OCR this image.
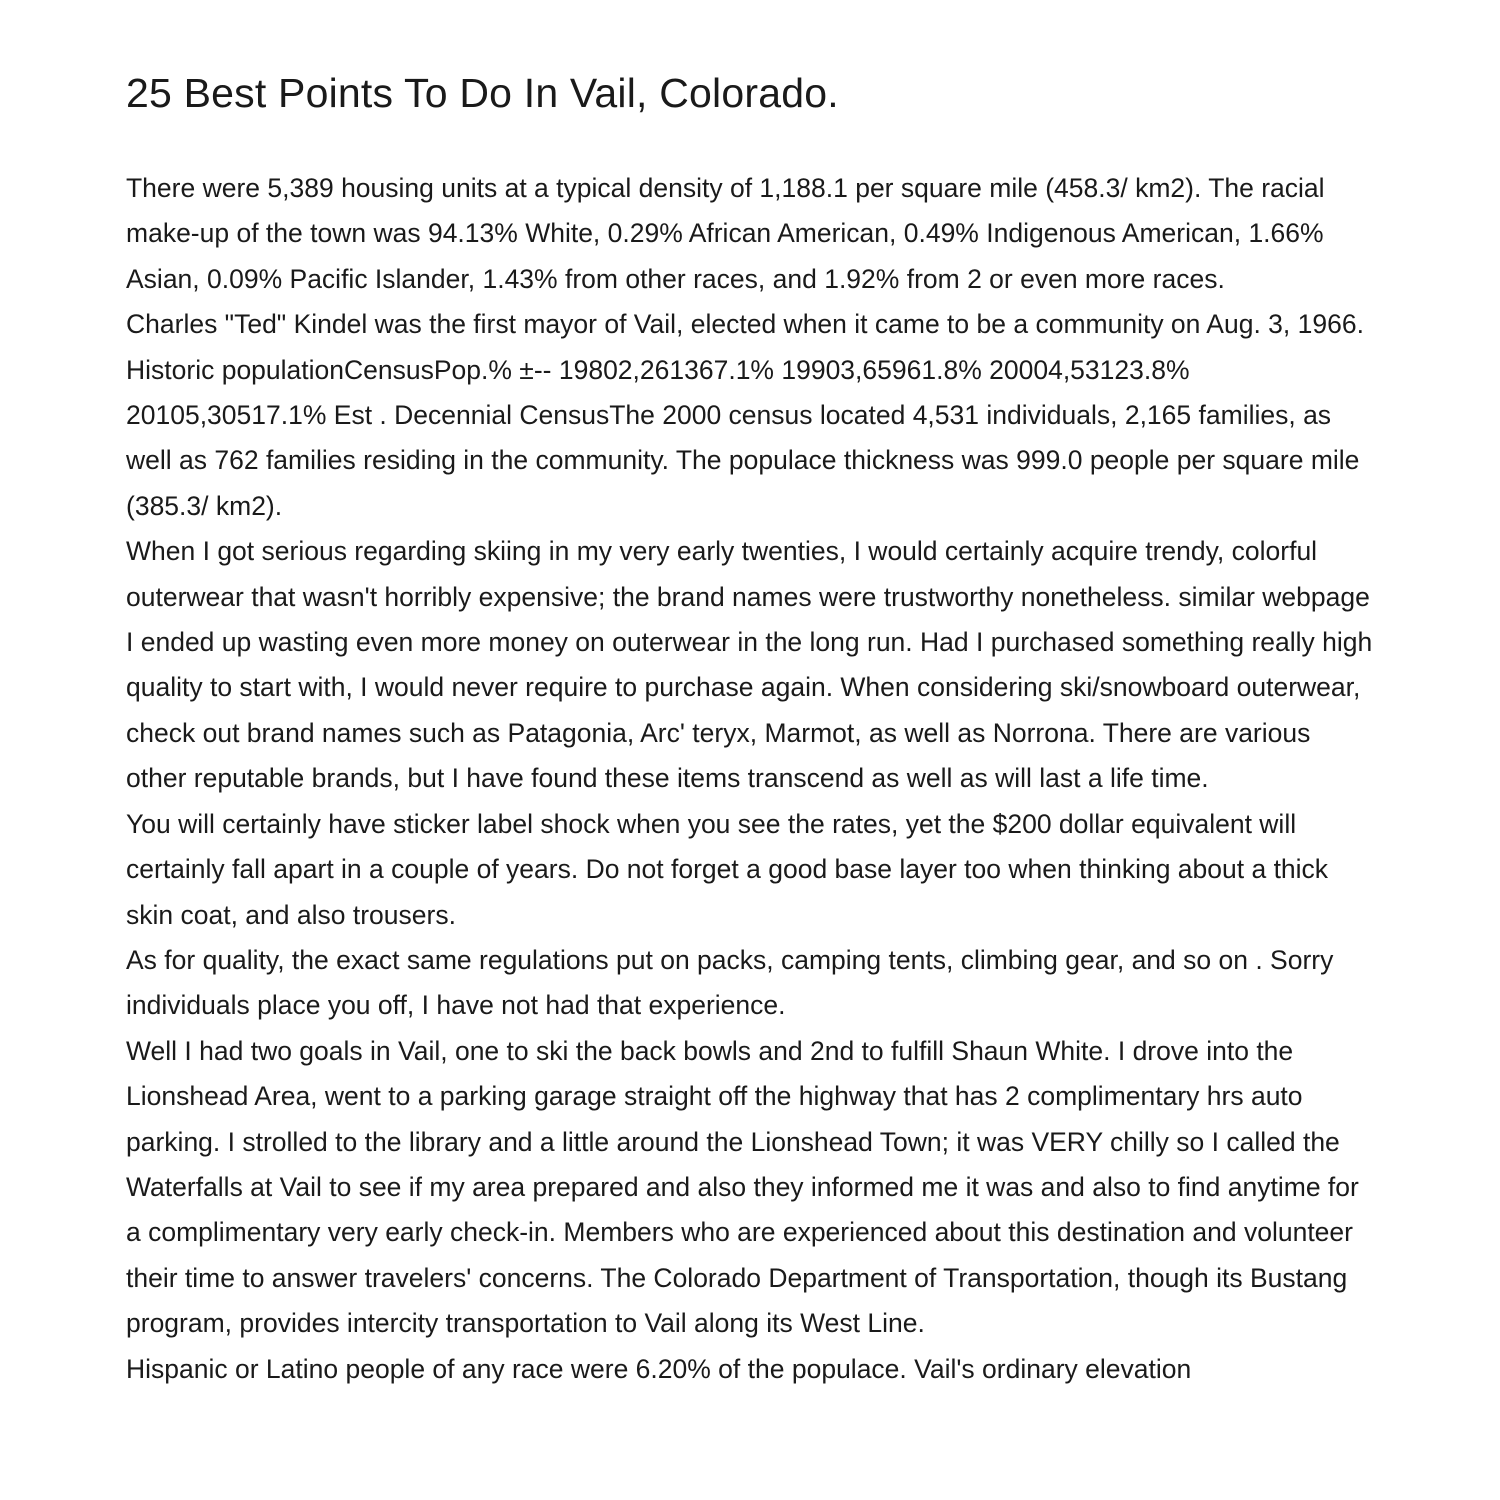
25 Best Points To Do In Vail, Colorado.

There were 5,389 housing units at a typical density of 1,188.1 per square mile (458.3/ km2). The racial make-up of the town was 94.13% White, 0.29% African American, 0.49% Indigenous American, 1.66% Asian, 0.09% Pacific Islander, 1.43% from other races, and 1.92% from 2 or even more races.

Charles "Ted" Kindel was the first mayor of Vail, elected when it came to be a community on Aug. 3, 1966. Historic populationCensusPop.% ±-- 19802,261367.1% 19903,65961.8% 20004,53123.8% 20105,30517.1% Est . Decennial CensusThe 2000 census located 4,531 individuals, 2,165 families, as well as 762 families residing in the community. The populace thickness was 999.0 people per square mile (385.3/ km2).

When I got serious regarding skiing in my very early twenties, I would certainly acquire trendy, colorful outerwear that wasn't horribly expensive; the brand names were trustworthy nonetheless. similar webpage I ended up wasting even more money on outerwear in the long run. Had I purchased something really high quality to start with, I would never require to purchase again. When considering ski/snowboard outerwear, check out brand names such as Patagonia, Arc' teryx, Marmot, as well as Norrona. There are various other reputable brands, but I have found these items transcend as well as will last a life time.

You will certainly have sticker label shock when you see the rates, yet the $200 dollar equivalent will certainly fall apart in a couple of years. Do not forget a good base layer too when thinking about a thick skin coat, and also trousers.

As for quality, the exact same regulations put on packs, camping tents, climbing gear, and so on . Sorry individuals place you off, I have not had that experience.

Well I had two goals in Vail, one to ski the back bowls and 2nd to fulfill Shaun White. I drove into the Lionshead Area, went to a parking garage straight off the highway that has 2 complimentary hrs auto parking. I strolled to the library and a little around the Lionshead Town; it was VERY chilly so I called the Waterfalls at Vail to see if my area prepared and also they informed me it was and also to find anytime for a complimentary very early check-in. Members who are experienced about this destination and volunteer their time to answer travelers' concerns. The Colorado Department of Transportation, though its Bustang program, provides intercity transportation to Vail along its West Line.

Hispanic or Latino people of any race were 6.20% of the populace. Vail's ordinary elevation
